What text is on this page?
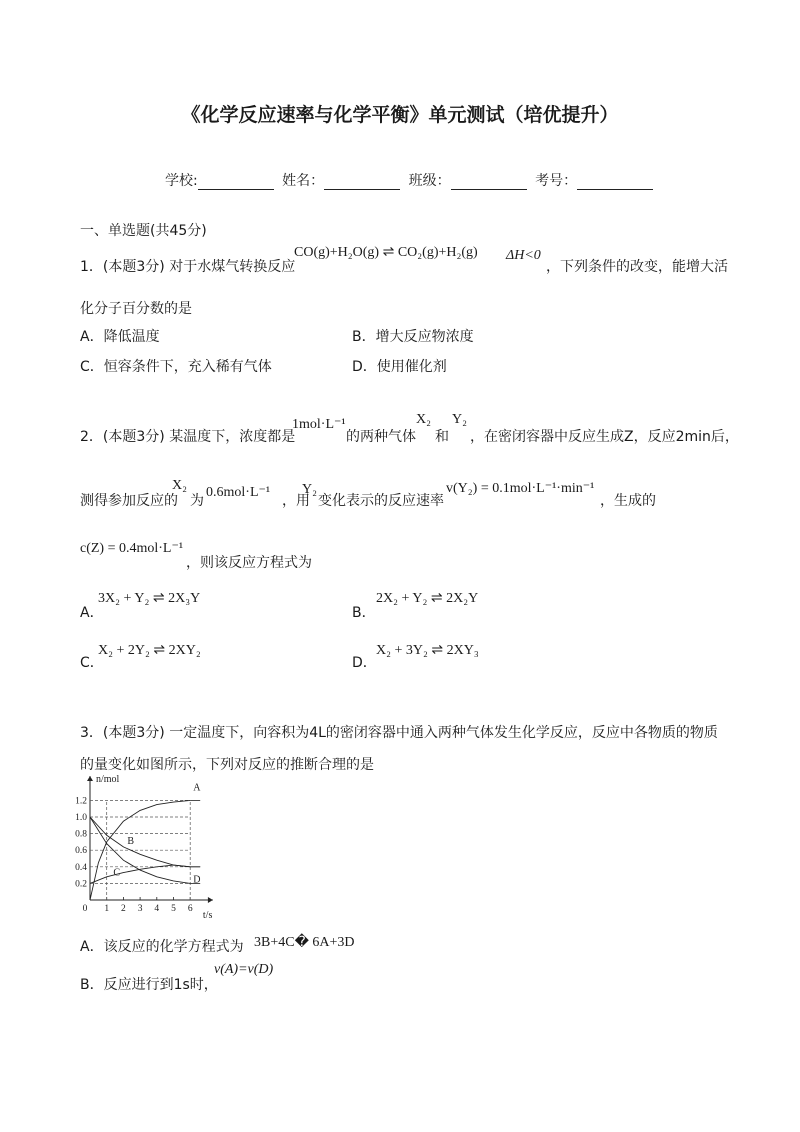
《化学反应速率与化学平衡》单元测试（培优提升）
学校:	姓名：	班级：	考号：
一、单选题(共45分)
1．(本题3分) 对于水煤气转换反应
CO(g)+H₂O(g) ⇌ CO₂(g)+H₂(g) ΔH<0
，下列条件的改变，能增大活
化分子百分数的是
A．降低温度	B．增大反应物浓度
C．恒容条件下，充入稀有气体	D．使用催化剂
2．(本题3分) 某温度下，浓度都是
1mol·L⁻¹
的两种气体
X₂
和
Y₂
，在密闭容器中反应生成Z，反应2min后，
测得参加反应的
X₂
为
0.6mol·L⁻¹
，用
Y₂
变化表示的反应速率
v(Y₂) = 0.1mol·L⁻¹·min⁻¹
，生成的
c(Z) = 0.4mol·L⁻¹
，则该反应方程式为
A．
3X₂ + Y₂ ⇌ 2X₃Y
B．
2X₂ + Y₂ ⇌ 2X₂Y
C．
X₂ + 2Y₂ ⇌ 2XY₂
D．
X₂ + 3Y₂ ⇌ 2XY₃
3．(本题3分) 一定温度下，向容积为4L的密闭容器中通入两种气体发生化学反应，反应中各物质的物质
的量变化如图所示，下列对反应的推断合理的是
n/mol
t/s
0.2
0.4
0.6
0.8
1.0
1.2
0 1 2 3 4 5 6
A
B
C
D
A．该反应的化学方程式为 3B+4C� 6A+3D
B．反应进行到1s时，
v(A)=v(D)
